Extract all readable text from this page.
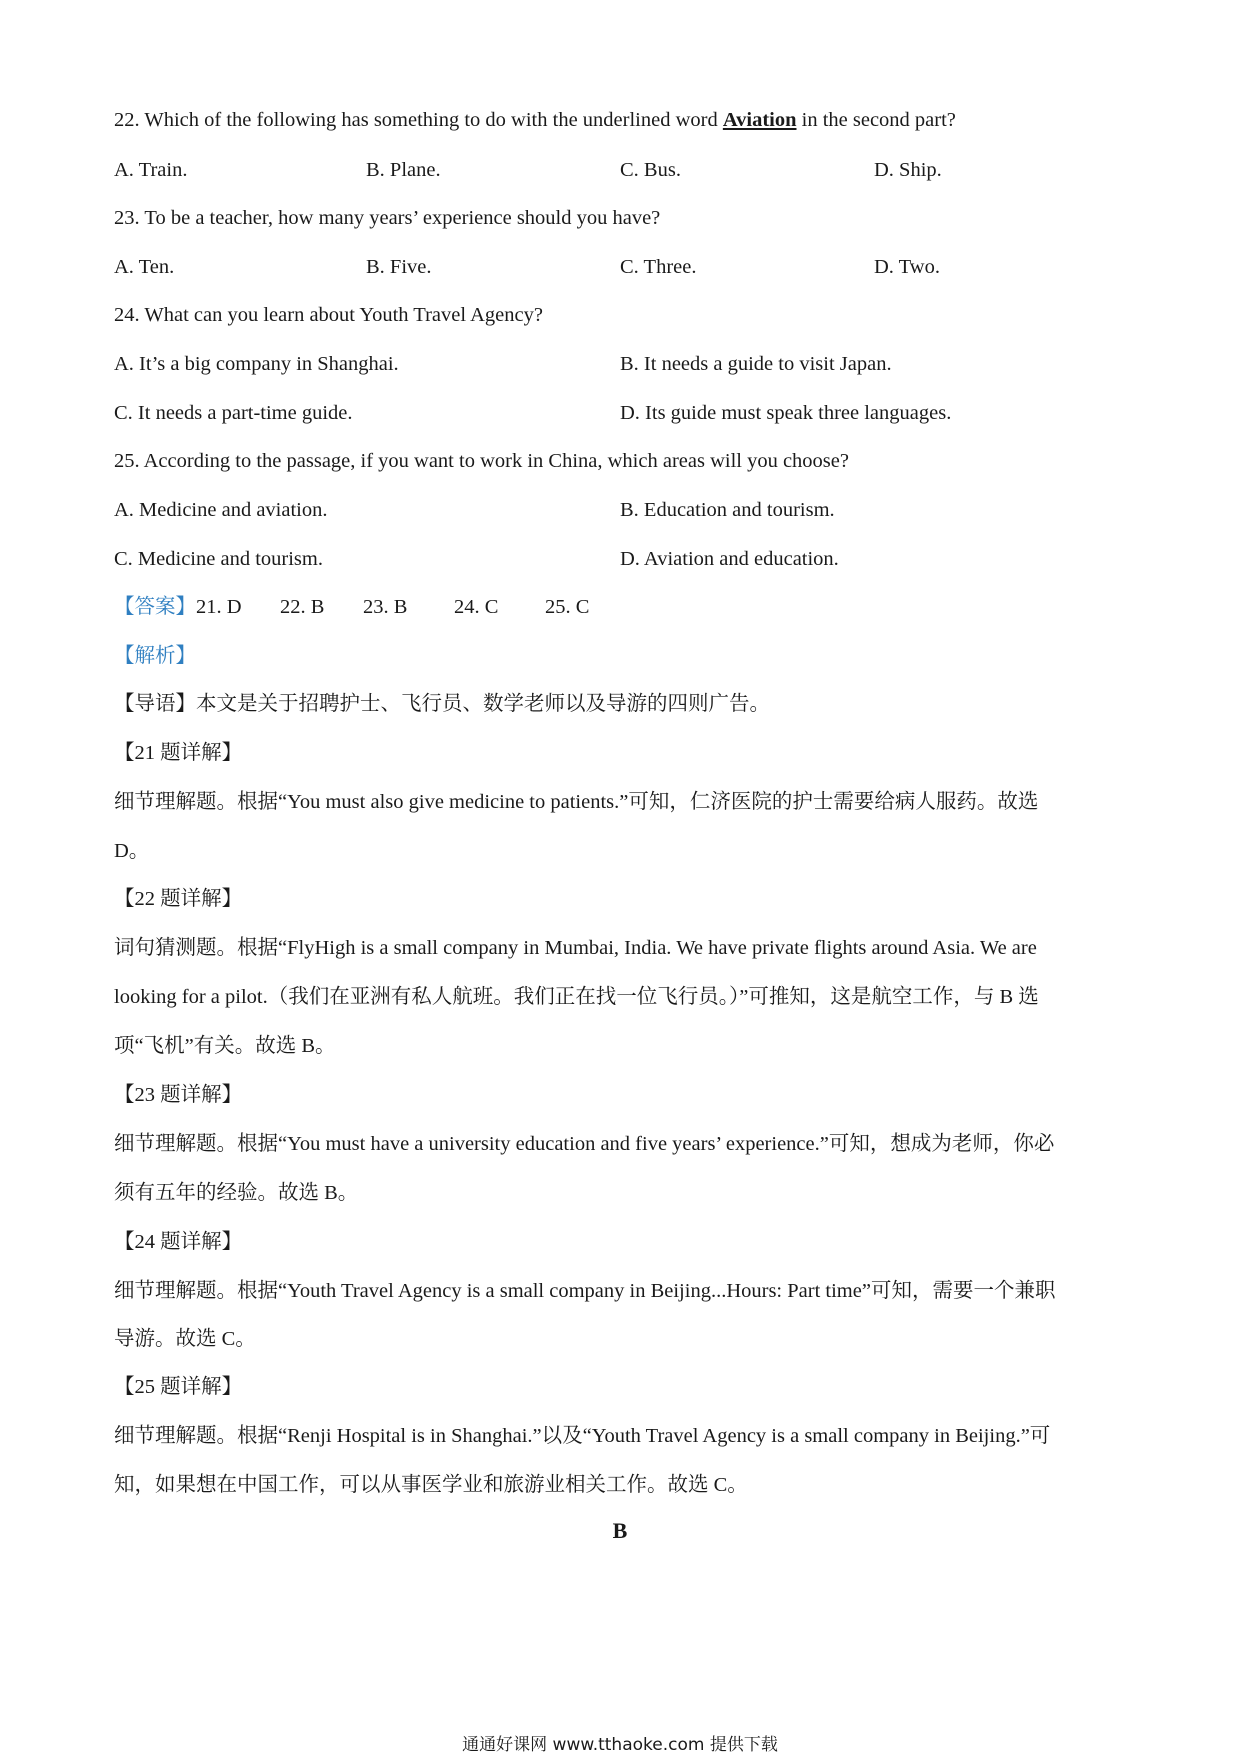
22. Which of the following has something to do with the underlined word Aviation in the second part?
A. Train.	B. Plane.	C. Bus.	D. Ship.
23. To be a teacher, how many years’ experience should you have?
A. Ten.	B. Five.	C. Three.	D. Two.
24. What can you learn about Youth Travel Agency?
A. It’s a big company in Shanghai.	B. It needs a guide to visit Japan.
C. It needs a part-time guide.	D. Its guide must speak three languages.
25. According to the passage, if you want to work in China, which areas will you choose?
A. Medicine and aviation.	B. Education and tourism.
C. Medicine and tourism.	D. Aviation and education.
【答案】21. D 22. B 23. B 24. C 25. C
【解析】
【导语】本文是关于招聘护士、飞行员、数学老师以及导游的四则广告。
【21 题详解】
细节理解题。根据“You must also give medicine to patients.”可知，仁济医院的护士需要给病人服药。故选
D。
【22 题详解】
词句猜测题。根据“FlyHigh is a small company in Mumbai, India. We have private flights around Asia. We are
looking for a pilot.（我们在亚洲有私人航班。我们正在找一位飞行员。）”可推知，这是航空工作，与 B 选
项“飞机”有关。故选 B。
【23 题详解】
细节理解题。根据“You must have a university education and five years’ experience.”可知，想成为老师，你必
须有五年的经验。故选 B。
【24 题详解】
细节理解题。根据“Youth Travel Agency is a small company in Beijing...Hours: Part time”可知，需要一个兼职
导游。故选 C。
【25 题详解】
细节理解题。根据“Renji Hospital is in Shanghai.”以及“Youth Travel Agency is a small company in Beijing.”可
知，如果想在中国工作，可以从事医学业和旅游业相关工作。故选 C。
B
通通好课网 www.tthaoke.com 提供下载
